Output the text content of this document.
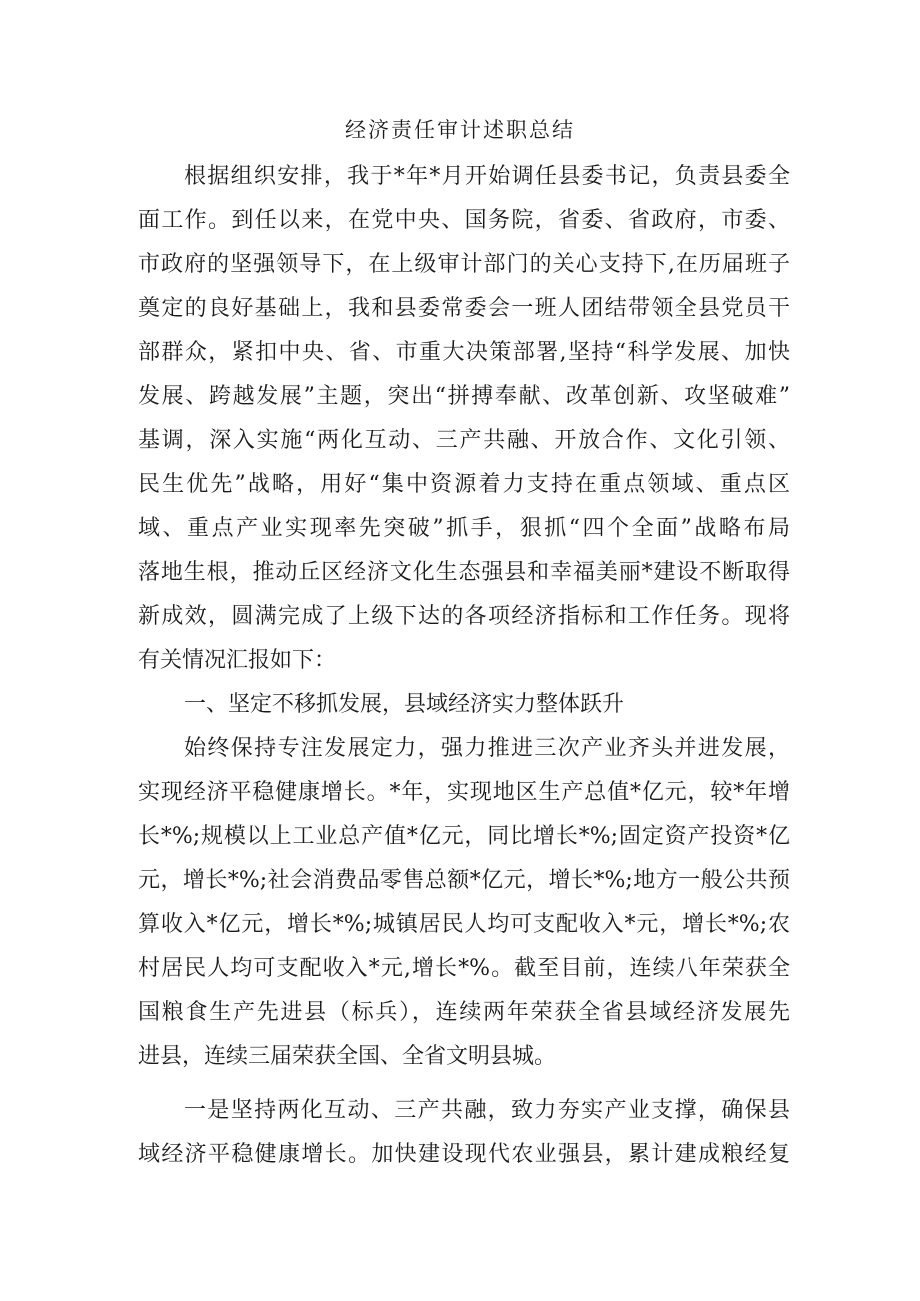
经济责任审计述职总结
根据组织安排，我于*年*月开始调任县委书记，负责县委全
面工作。到任以来，在党中央、国务院，省委、省政府，市委、
市政府的坚强领导下，在上级审计部门的关心支持下,在历届班子
奠定的良好基础上，我和县委常委会一班人团结带领全县党员干
部群众，紧扣中央、省、市重大决策部署,坚持“科学发展、加快
发展、跨越发展”主题，突出“拼搏奉献、改革创新、攻坚破难”
基调，深入实施“两化互动、三产共融、开放合作、文化引领、
民生优先”战略，用好“集中资源着力支持在重点领域、重点区
域、重点产业实现率先突破”抓手，狠抓“四个全面”战略布局
落地生根，推动丘区经济文化生态强县和幸福美丽*建设不断取得
新成效，圆满完成了上级下达的各项经济指标和工作任务。现将
有关情况汇报如下：
一、坚定不移抓发展，县域经济实力整体跃升
始终保持专注发展定力，强力推进三次产业齐头并进发展，
实现经济平稳健康增长。*年，实现地区生产总值*亿元，较*年增
长*%;规模以上工业总产值*亿元，同比增长*%;固定资产投资*亿
元，增长*%;社会消费品零售总额*亿元，增长*%;地方一般公共预
算收入*亿元，增长*%;城镇居民人均可支配收入*元，增长*%;农
村居民人均可支配收入*元,增长*%。截至目前，连续八年荣获全
国粮食生产先进县（标兵），连续两年荣获全省县域经济发展先
进县，连续三届荣获全国、全省文明县城。
一是坚持两化互动、三产共融，致力夯实产业支撑，确保县
域经济平稳健康增长。加快建设现代农业强县，累计建成粮经复
